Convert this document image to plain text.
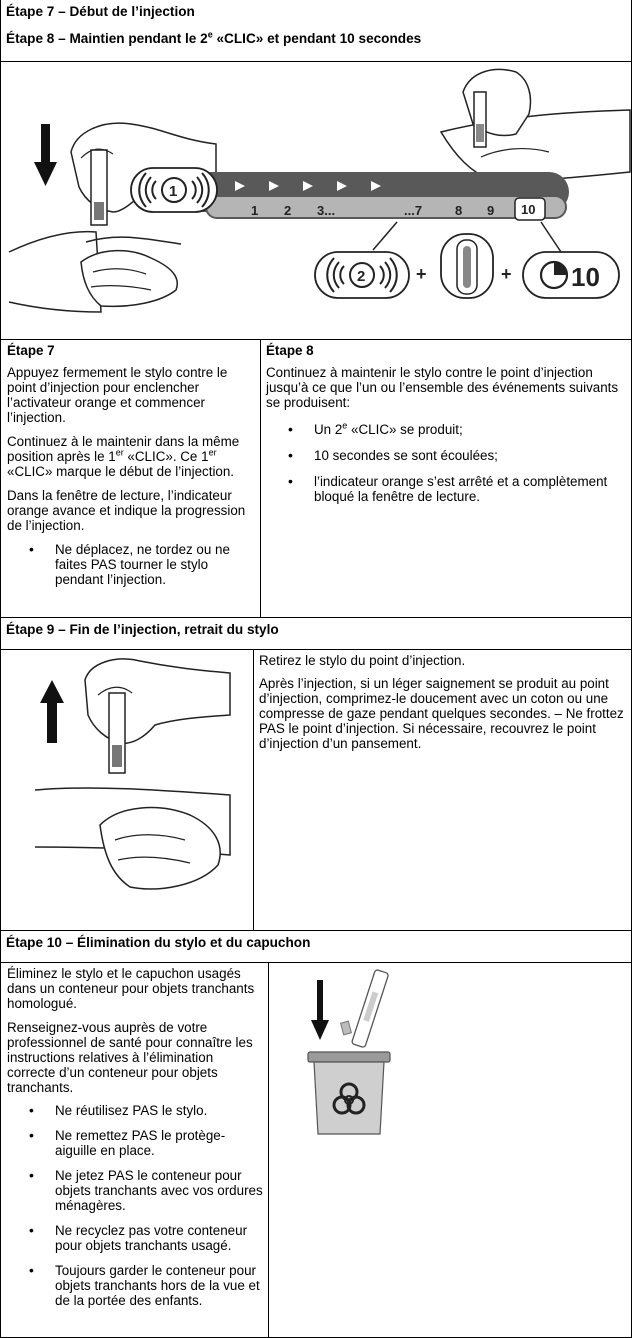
Étape 7 – Début de l’injection
Étape 8 – Maintien pendant le 2e «CLIC» et pendant 10 secondes
1 2 3...	...7	8 9 10
1
2	+	+ 10

Étape 7

Appuyez fermement le stylo contre le point d’injection pour enclencher l’activateur orange et commencer l’injection.

Continuez à le maintenir dans la même position après le 1er «CLIC». Ce 1er «CLIC» marque le début de l’injection.

Dans la fenêtre de lecture, l’indicateur orange avance et indique la progression de l’injection.

• Ne déplacez, ne tordez ou ne faites PAS tourner le stylo pendant l’injection.

Étape 8

Continuez à maintenir le stylo contre le point d’injection jusqu’à ce que l’un ou l’ensemble des événements suivants se produisent:

• Un 2e «CLIC» se produit;
• 10 secondes se sont écoulées;
• l’indicateur orange s’est arrêté et a complètement bloqué la fenêtre de lecture.
Étape 9 – Fin de l’injection, retrait du stylo

Retirez le stylo du point d’injection.

Après l’injection, si un léger saignement se produit au point d’injection, comprimez-le doucement avec un coton ou une compresse de gaze pendant quelques secondes. – Ne frottez PAS le point d’injection. Si nécessaire, recouvrez le point d’injection d’un pansement.

Étape 10 – Élimination du stylo et du capuchon

Éliminez le stylo et le capuchon usagés dans un conteneur pour objets tranchants homologué.

Renseignez-vous auprès de votre professionnel de santé pour connaître les instructions relatives à l’élimination correcte d’un conteneur pour objets tranchants.

• Ne réutilisez PAS le stylo.
• Ne remettez PAS le protège-aiguille en place.
• Ne jetez PAS le conteneur pour objets tranchants avec vos ordures ménagères.
• Ne recyclez pas votre conteneur pour objets tranchants usagé.
• Toujours garder le conteneur pour objets tranchants hors de la vue et de la portée des enfants.
